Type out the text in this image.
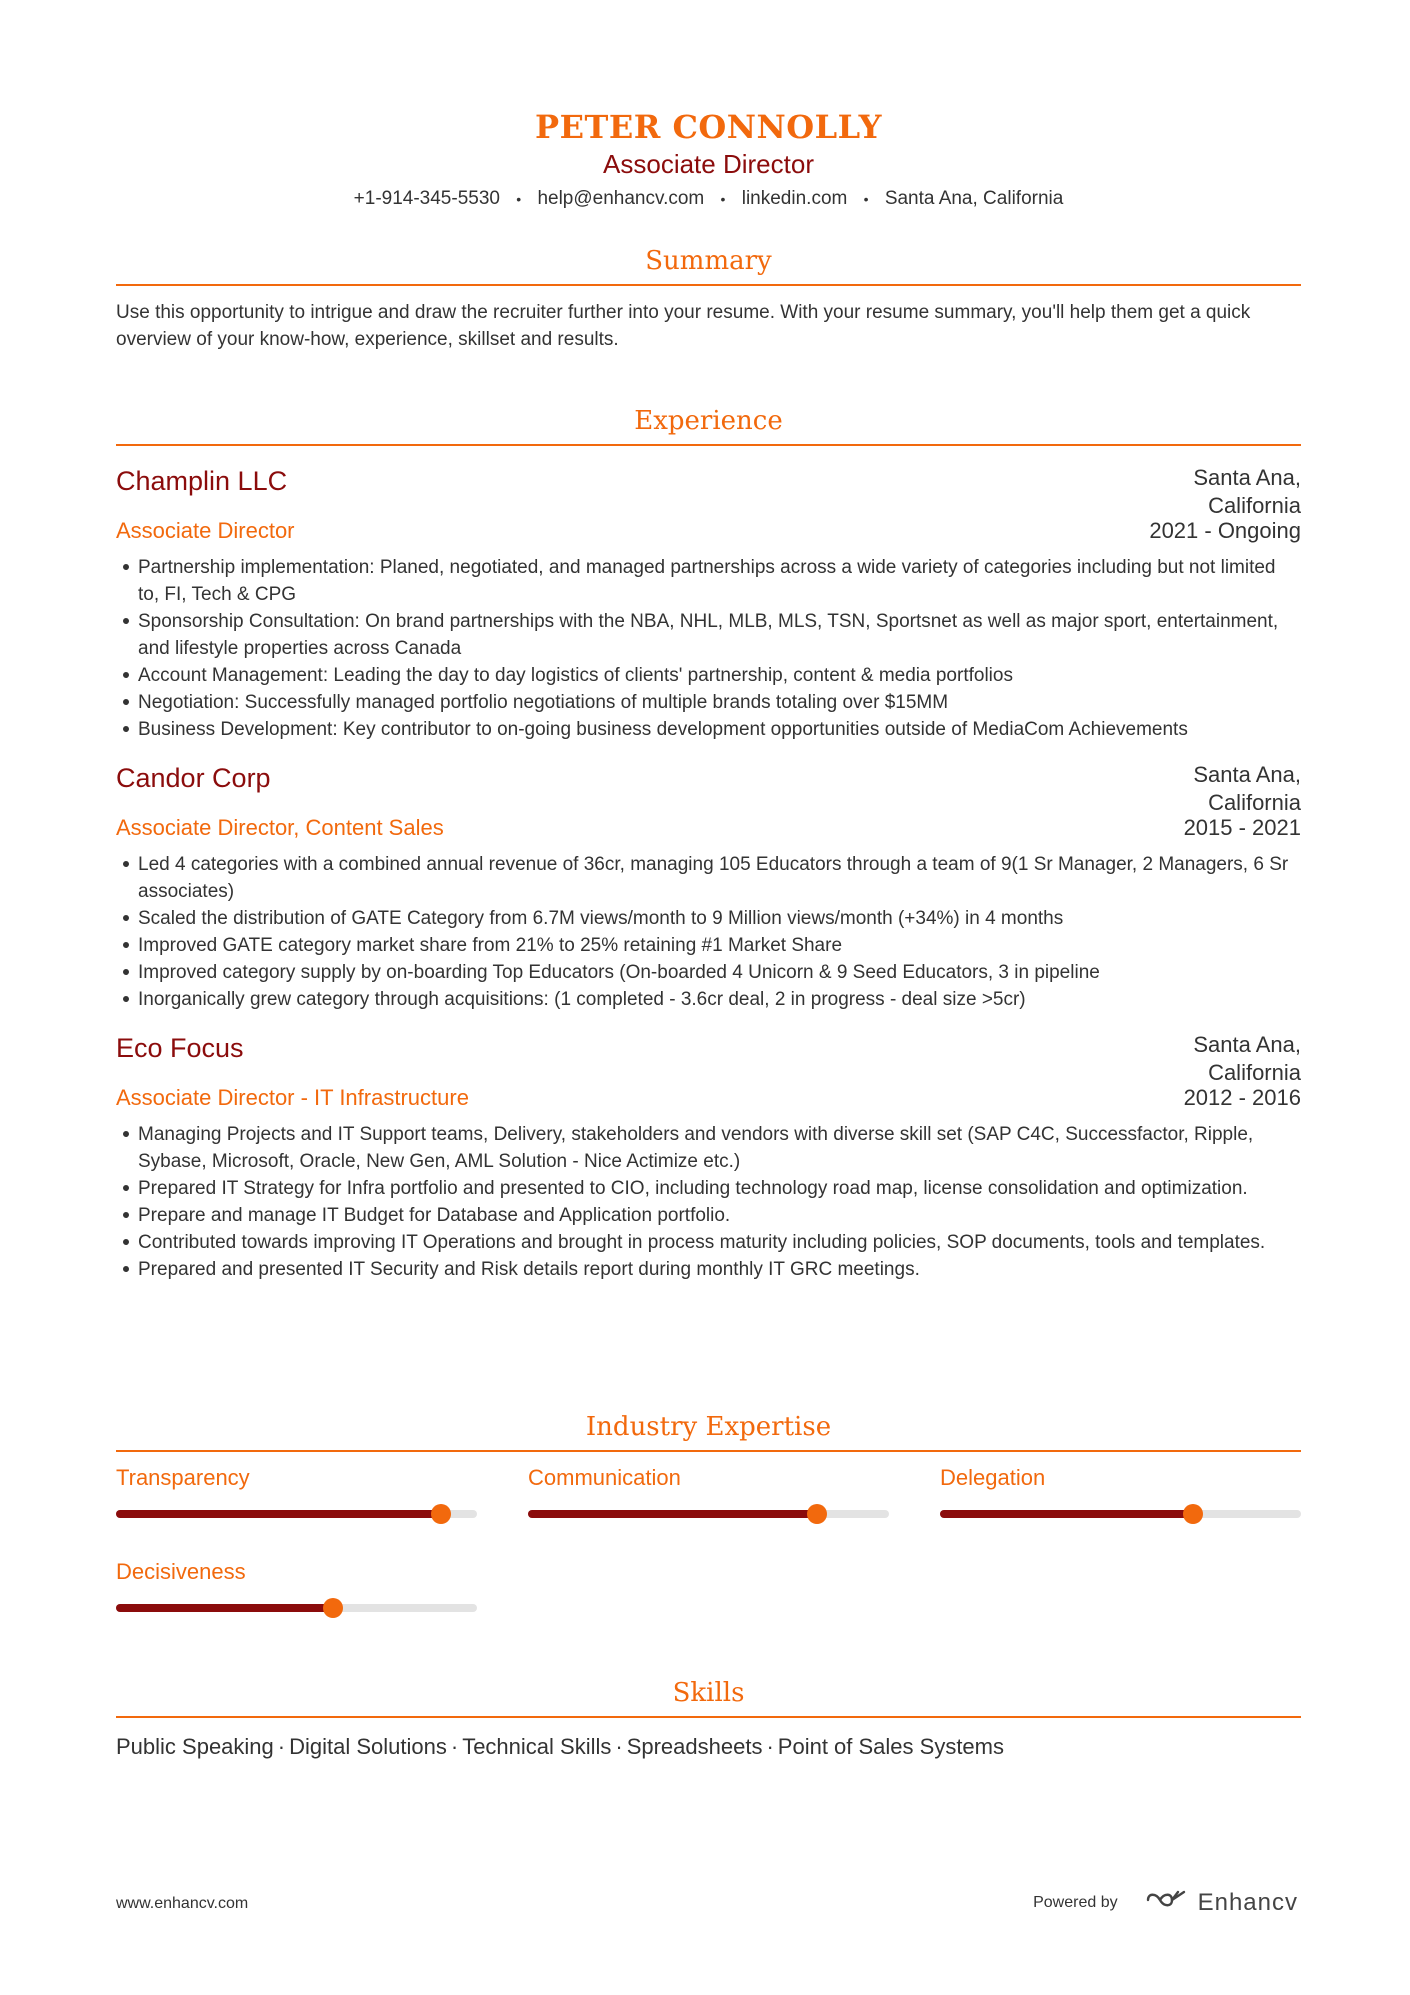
PETER CONNOLLY
Associate Director
+1-914-345-5530 • help@enhancv.com • linkedin.com • Santa Ana, California
Summary
Use this opportunity to intrigue and draw the recruiter further into your resume. With your resume summary, you'll help them get a quick overview of your know-how, experience, skillset and results.
Experience
Champlin LLC	Santa Ana,
California
Associate Director	2021 - Ongoing
Partnership implementation: Planed, negotiated, and managed partnerships across a wide variety of categories including but not limited to, FI, Tech & CPG
Sponsorship Consultation: On brand partnerships with the NBA, NHL, MLB, MLS, TSN, Sportsnet as well as major sport, entertainment, and lifestyle properties across Canada
Account Management: Leading the day to day logistics of clients' partnership, content & media portfolios
Negotiation: Successfully managed portfolio negotiations of multiple brands totaling over $15MM
Business Development: Key contributor to on-going business development opportunities outside of MediaCom Achievements
Candor Corp	Santa Ana,
California
Associate Director, Content Sales	2015 - 2021
Led 4 categories with a combined annual revenue of 36cr, managing 105 Educators through a team of 9(1 Sr Manager, 2 Managers, 6 Sr associates)
Scaled the distribution of GATE Category from 6.7M views/month to 9 Million views/month (+34%) in 4 months
Improved GATE category market share from 21% to 25% retaining #1 Market Share
Improved category supply by on-boarding Top Educators (On-boarded 4 Unicorn & 9 Seed Educators, 3 in pipeline
Inorganically grew category through acquisitions: (1 completed - 3.6cr deal, 2 in progress - deal size >5cr)
Eco Focus	Santa Ana,
California
Associate Director - IT Infrastructure	2012 - 2016
Managing Projects and IT Support teams, Delivery, stakeholders and vendors with diverse skill set (SAP C4C, Successfactor, Ripple, Sybase, Microsoft, Oracle, New Gen, AML Solution - Nice Actimize etc.)
Prepared IT Strategy for Infra portfolio and presented to CIO, including technology road map, license consolidation and optimization.
Prepare and manage IT Budget for Database and Application portfolio.
Contributed towards improving IT Operations and brought in process maturity including policies, SOP documents, tools and templates.
Prepared and presented IT Security and Risk details report during monthly IT GRC meetings.
Industry Expertise
Transparency	Communication	Delegation
Decisiveness
Skills
Public Speaking · Digital Solutions · Technical Skills · Spreadsheets · Point of Sales Systems
www.enhancv.com	Powered by	Enhancv
